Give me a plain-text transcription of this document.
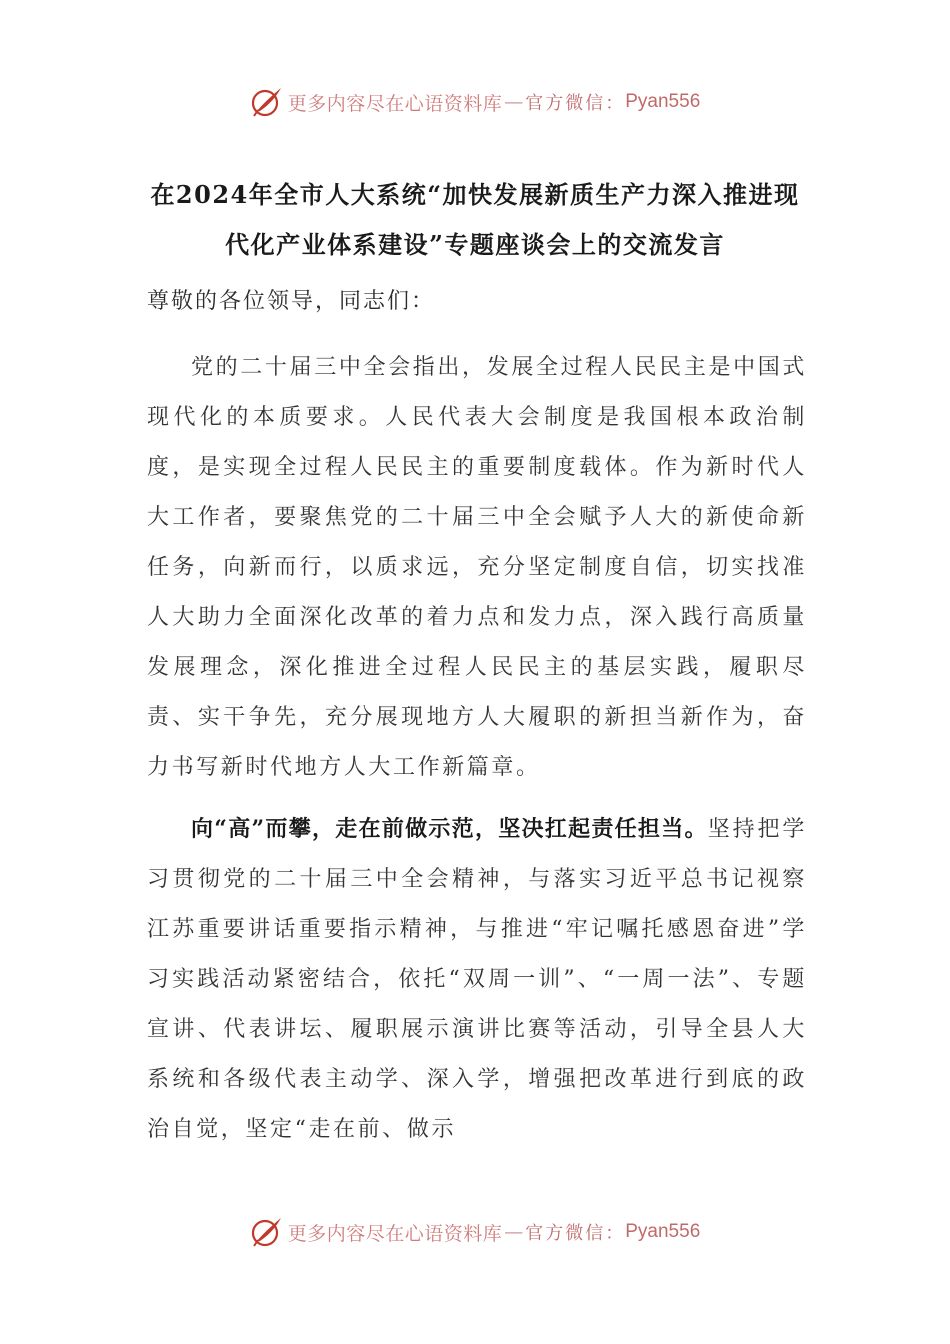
更多内容尽在心语资料库 — 官方微信： Pyan556
在2024年全市人大系统“加快发展新质生产力深入推进现
代化产业体系建设”专题座谈会上的交流发言
尊敬的各位领导，同志们：

党的二十届三中全会指出，发展全过程人民民主是中国式现代化的本质要求。人民代表大会制度是我国根本政治制度，是实现全过程人民民主的重要制度载体。作为新时代人大工作者，要聚焦党的二十届三中全会赋予人大的新使命新任务，向新而行，以质求远，充分坚定制度自信，切实找准人大助力全面深化改革的着力点和发力点，深入践行高质量发展理念，深化推进全过程人民民主的基层实践，履职尽责、实干争先，充分展现地方人大履职的新担当新作为，奋力书写新时代地方人大工作新篇章。

向“高”而攀，走在前做示范，坚决扛起责任担当。坚持把学习贯彻党的二十届三中全会精神，与落实习近平总书记视察江苏重要讲话重要指示精神，与推进“牢记嘱托感恩奋进”学习实践活动紧密结合，依托“双周一训”、“一周一法”、专题宣讲、代表讲坛、履职展示演讲比赛等活动，引导全县人大系统和各级代表主动学、深入学，增强把改革进行到底的政治自觉，坚定“走在前、做示

更多内容尽在心语资料库 — 官方微信： Pyan556
